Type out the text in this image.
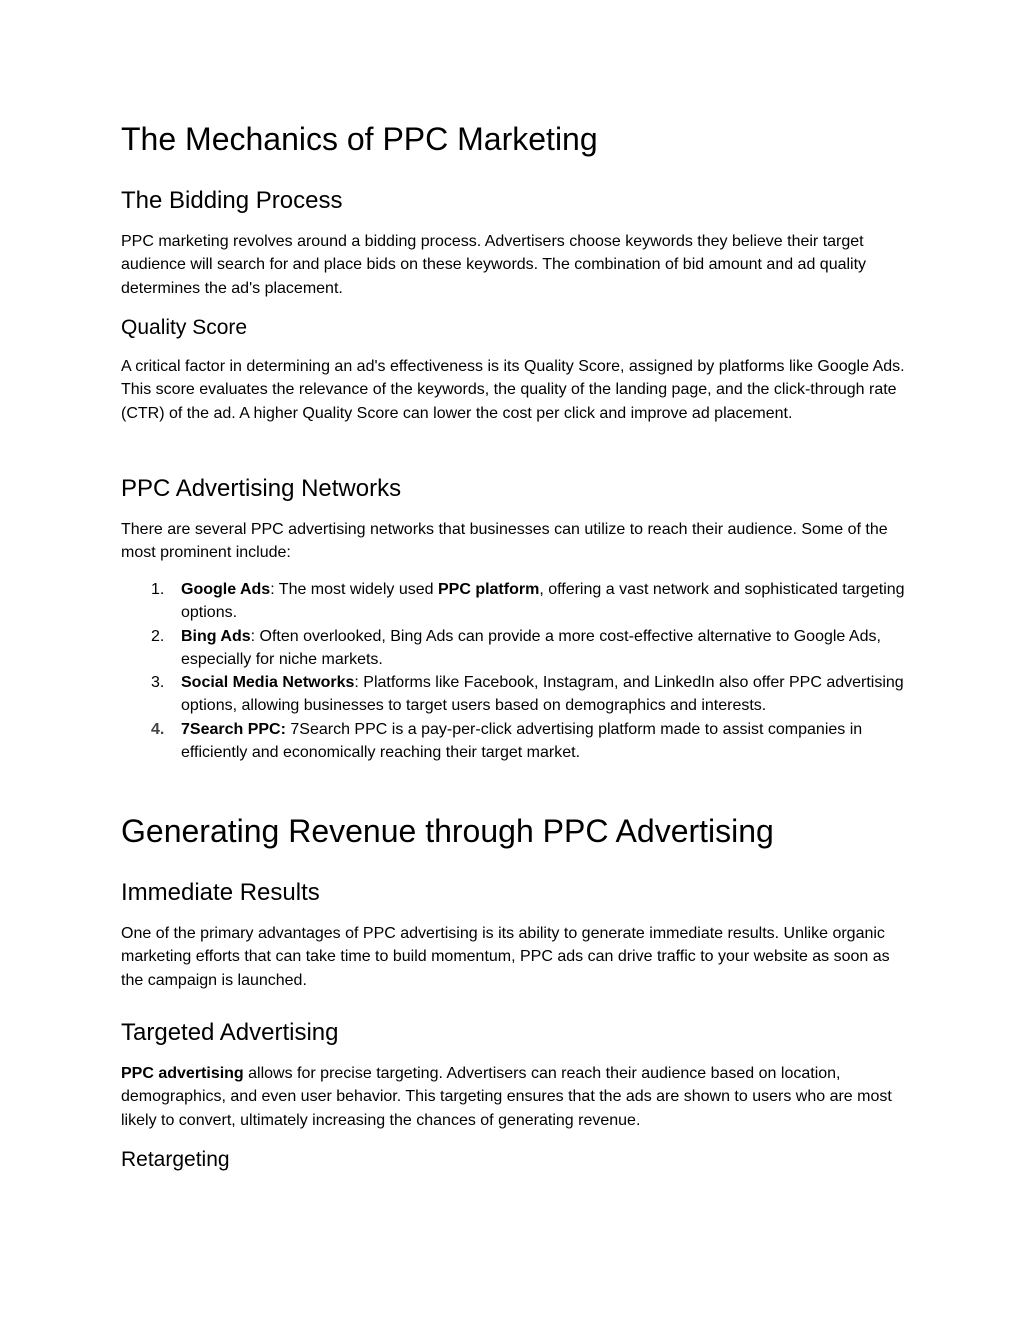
The Mechanics of PPC Marketing
The Bidding Process

PPC marketing revolves around a bidding process. Advertisers choose keywords they believe their target audience will search for and place bids on these keywords. The combination of bid amount and ad quality determines the ad's placement.

Quality Score

A critical factor in determining an ad's effectiveness is its Quality Score, assigned by platforms like Google Ads. This score evaluates the relevance of the keywords, the quality of the landing page, and the click-through rate (CTR) of the ad. A higher Quality Score can lower the cost per click and improve ad placement.

PPC Advertising Networks

There are several PPC advertising networks that businesses can utilize to reach their audience. Some of the most prominent include:

1.	Google Ads: The most widely used PPC platform, offering a vast network and sophisticated targeting options.
2.	Bing Ads: Often overlooked, Bing Ads can provide a more cost-effective alternative to Google Ads, especially for niche markets.
3.	Social Media Networks: Platforms like Facebook, Instagram, and LinkedIn also offer PPC advertising options, allowing businesses to target users based on demographics and interests.
4.	7Search PPC: 7Search PPC is a pay-per-click advertising platform made to assist companies in efficiently and economically reaching their target market.
Generating Revenue through PPC Advertising
Immediate Results

One of the primary advantages of PPC advertising is its ability to generate immediate results. Unlike organic marketing efforts that can take time to build momentum, PPC ads can drive traffic to your website as soon as the campaign is launched.

Targeted Advertising

PPC advertising allows for precise targeting. Advertisers can reach their audience based on location, demographics, and even user behavior. This targeting ensures that the ads are shown to users who are most likely to convert, ultimately increasing the chances of generating revenue.

Retargeting
